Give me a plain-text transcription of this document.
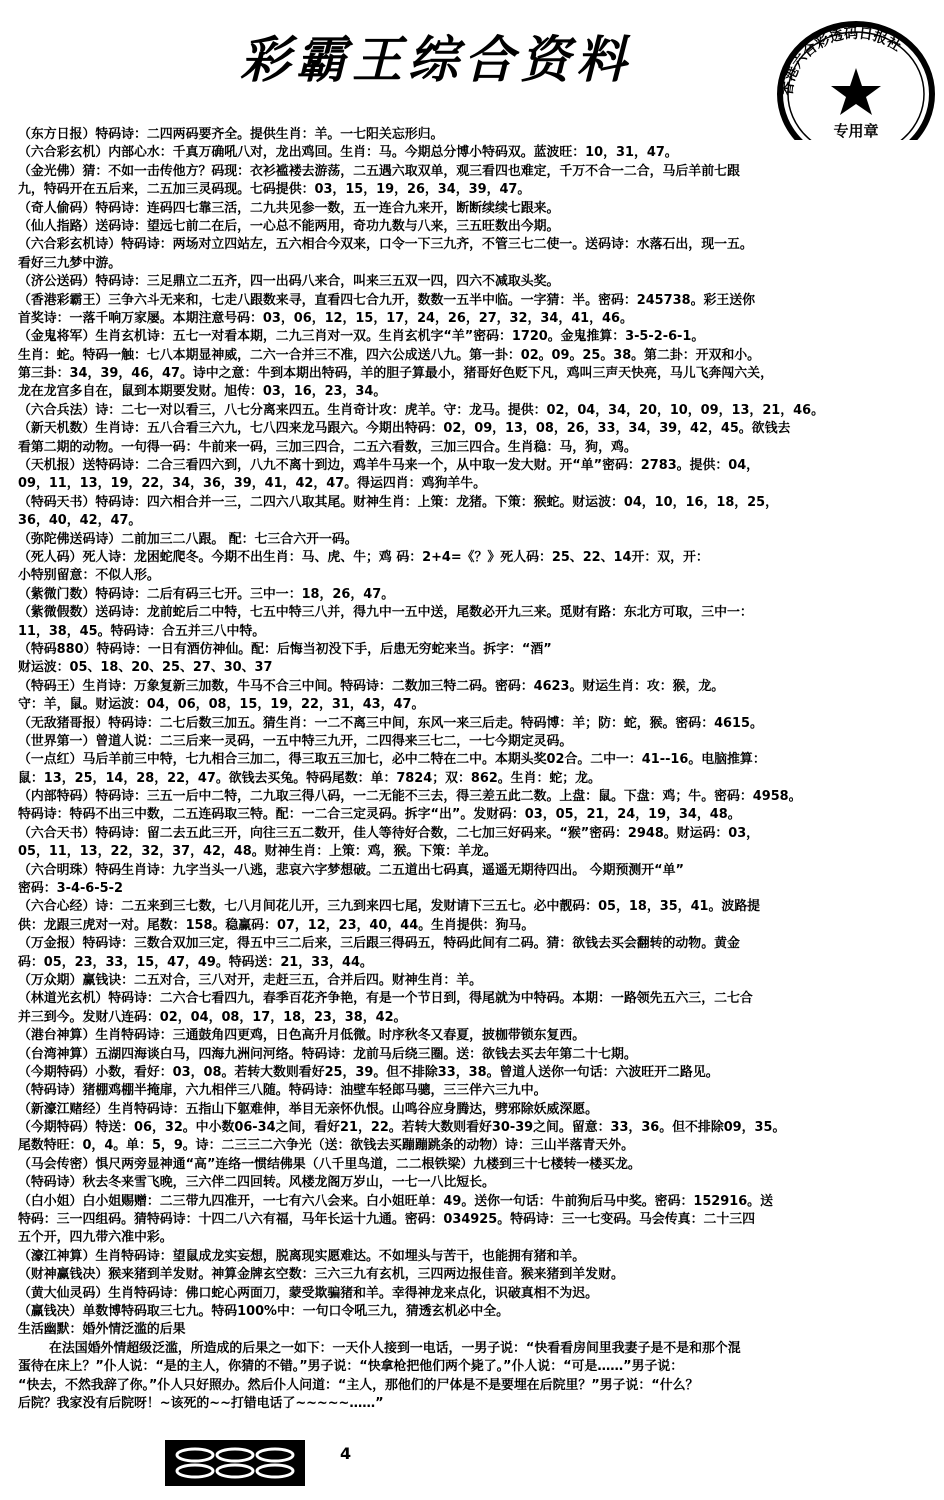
彩霸王综合资料	香港六合彩透码日报社
专用章
（东方日报）特码诗：二四两码要齐全。提供生肖：羊。一七阳关忘形归。
（六合彩玄机）内部心水：千真万确吼八对，龙出鸡回。生肖：马。今期总分博小特码双。蓝波旺：10，31，47。
（金光佛）猜：不如一击传他方？码现：衣衫褴褛去游荡，二五遇六取双单，观三看四也难定，千万不合一二合，马后羊前七跟
九，特码开在五后来，二五加三灵码现。七码提供：03，15，19，26，34，39，47。
（奇人偷码）特码诗：连码四七靠三活，二九共见参一数，五一连合九来开，断断续续七跟来。
（仙人指路）送码诗：望远七前二在后，一心总不能两用，奇功九数与八来，三五旺数出今期。
（六合彩玄机诗）特码诗：两场对立四站左，五六相合今双来，口令一下三九齐，不管三七二使一。送码诗：水落石出，现一五。
看好三九梦中游。
（济公送码）特码诗：三足鼎立二五齐，四一出码八来合，叫来三五双一四，四六不减取头奖。
（香港彩霸王）三争六斗无来和，七走八跟数来寻，直看四七合九开，数数一五半中临。一字猜：半。密码：245738。彩王送你
首奖诗：一落千响万家屡。本期注意号码：03，06，12，15，17，24，26，27，32，34，41，46。
（金鬼将军）生肖玄机诗：五七一对看本期，二九三肖对一双。生肖玄机字“羊”密码：1720。金鬼推算：3-5-2-6-1。
生肖：蛇。特码一触：七八本期显神威，二六一合并三不准，四六公成送八九。第一卦：02。09。25。38。第二卦：开双和小。
第三卦：34，39，46，47。诗中之意：牛到本期出特码，羊的胆子算最小，猪哥好色贬下凡，鸡叫三声天快亮，马儿飞奔闯六关，
龙在龙宫多自在，鼠到本期要发财。旭传：03，16，23，34。
（六合兵法）诗：二七一对以看三，八七分离来四五。生肖奇计攻：虎羊。守：龙马。提供：02，04，34，20，10，09，13，21，46。
（新天机数）生肖诗：五八合看三六九，七八四来龙马跟六。今期出特码：02，09，13，08，26，33，34，39，42，45。欲钱去
看第二期的动物。一句得一码：牛前来一码，三加三四合，二五六看数，三加三四合。生肖稳：马，狗，鸡。
（天机报）送特码诗：二合三看四六到，八九不离十到边，鸡羊牛马来一个，从中取一发大财。开“单”密码：2783。提供：04，
09，11，13，19，22，34，36，39，41，42，47。得运四肖：鸡狗羊牛。
（特码天书）特码诗：四六相合并一三，二四六八取其尾。财神生肖：上策：龙猪。下策：猴蛇。财运波：04，10，16，18，25，
36，40，42，47。
（弥陀佛送码诗）二前加三二八跟。 配：七三合六开一码。
（死人码）死人诗：龙困蛇爬冬。今期不出生肖：马、虎、牛；鸡 码：2+4=《？》死人码：25、22、14开：双，开：
小特别留意：不似人形。
（紫微门数）特码诗：二后有码三七开。三中一：18，26，47。
（紫微假数）送码诗：龙前蛇后二中特，七五中特三八并，得九中一五中送，尾数必开九三来。觅财有路：东北方可取，三中一：
11，38，45。特码诗：合五并三八中特。
（特码880）特码诗：一日有酒仿神仙。配：后悔当初没下手，后患无穷蛇来当。拆字：“酒”
财运波：05、18、20、25、27、30、37
（特码王）生肖诗：万象复新三加数，牛马不合三中间。特码诗：二数加三特二码。密码：4623。财运生肖：攻：猴，龙。
守：羊，鼠。财运波：04，06，08，15，19，22，31，43，47。
（无敌猪哥报）特码诗：二七后数三加五。猜生肖：一二不离三中间，东风一来三后走。特码博：羊；防：蛇，猴。密码：4615。
（世界第一）曾道人说：二三后来一灵码，一五中特三九开，二四得来三七二，一七今期定灵码。
（一点红）马后羊前三中特，七九相合三加二，得三取五三加七，必中二特在二中。本期头奖02合。二中一：41--16。电脑推算：
鼠：13，25，14，28，22，47。欲钱去买兔。特码尾数：单：7824；双：862。生肖：蛇；龙。
（内部特码）特码诗：三五一后中二特，二九取三得八码，一二无能不三去，得三差五此二数。上盘：鼠。下盘：鸡；牛。密码：4958。
特码诗：特码不出三中数，二五连码取三特。配：一二合三定灵码。拆字“出”。发财码：03，05，21，24，19，34，48。
（六合天书）特码诗：留二去五此三开，向往三五二数开，佳人等待好合数，二七加三好码来。“猴”密码：2948。财运码：03，
05，11，13，22，32，37，42，48。财神生肖：上策：鸡，猴。下策：羊龙。
（六合明珠）特码生肖诗：九字当头一八逃，悲哀六字梦想破。二五道出七码真，遥遥无期待四出。 今期预测开“单”
密码：3-4-6-5-2
（六合心经）诗：二五来到三七数，七八月间花儿开，三九到来四七尾，发财请下三五七。必中靓码：05，18，35，41。波路提
供：龙跟三虎对一对。尾数：158。稳赢码：07，12，23，40，44。生肖提供：狗马。
（万金报）特码诗：三数合双加三定，得五中三二后来，三后跟三得码五，特码此间有二码。猜：欲钱去买会翻转的动物。黄金
码：05，23，33，15，47，49。特码送：21，33，44。
（万众期）赢钱诀：二五对合，三八对开，走赶三五，合并后四。财神生肖：羊。
（林道光玄机）特码诗：二六合七看四九，春季百花齐争艳，有是一个节日到，得尾就为中特码。本期：一路领先五六三，二七合
并三到今。发财八连码：02，04，08，17，18，23，38，42。
（港台神算）生肖特码诗：三通鼓角四更鸡，日色高升月低微。时序秋冬又春夏，披枷带锁东复西。
（台湾神算）五湖四海谈白马，四海九洲问河络。特码诗：龙前马后绕三圈。送：欲钱去买去年第二十七期。
（今期特码）小数，看好：03，08。若转大数则看好25，39。但不排除33，38。曾道人送你一句话：六波旺开二路见。
（特码诗）猪棚鸡棚半掩扉，六九相伴三八随。特码诗：油壁车轻郎马骢，三三伴六三九中。
（新濠江赌经）生肖特码诗：五指山下躯难伸，举目无亲怀仇恨。山鸣谷应身腾达，劈邪除妖威深愿。
（今期特码）特送：06，32。中小数06-34之间，看好21，22。若转大数则看好30-39之间。留意：33，36。但不排除09，35。
尾数特旺：0，4。单：5，9。诗：二三三二六争光（送：欲钱去买蹦蹦跳条的动物）诗：三山半落青天外。
（马会传密）惧尺两旁显神通“高”连络一惯结佛果（八千里鸟道，二二根铁梁）九楼到三十七楼转一楼买龙。
（特码诗）秋去冬来雪飞晚，三六伴二四回转。风楼龙阁万岁山，一七一八比短长。
（白小姐）白小姐赐赠：二三带九四准开，一七有六八会来。白小姐旺单：49。送你一句话：牛前狗后马中奖。密码：152916。送
特码：三一四组码。猜特码诗：十四二八六有福，马年长运十九通。密码：034925。特码诗：三一七变码。马会传真：二十三四
五个开，四九带六准中彩。
（濠江神算）生肖特码诗：望鼠成龙实妄想，脱离现实愿难达。不如埋头与苦干，也能拥有猪和羊。
（财神赢钱决）猴来猪到羊发财。神算金牌玄空数：三六三九有玄机，三四两边报佳音。猴来猪到羊发财。
（黄大仙灵码）生肖特码诗：佛口蛇心两面刀，蒙受欺骗猪和羊。幸得神龙来点化，识破真相不为迟。
（赢钱决）单数博特码取三七九。特码100%中：一句口令吼三九，猜透玄机必中全。
生活幽默：婚外情泛滥的后果
在法国婚外情超级泛滥，所造成的后果之一如下：一天仆人接到一电话，一男子说：“快看看房间里我妻子是不是和那个混
蛋待在床上？”仆人说：“是的主人，你猜的不错。”男子说：“快拿枪把他们两个毙了。”仆人说：“可是……”男子说：
“快去，不然我辞了你。”仆人只好照办。然后仆人问道：“主人，那他们的尸体是不是要埋在后院里？”男子说：“什么？
后院？我家没有后院呀！~该死的~~打错电话了~~~~~……”
4
